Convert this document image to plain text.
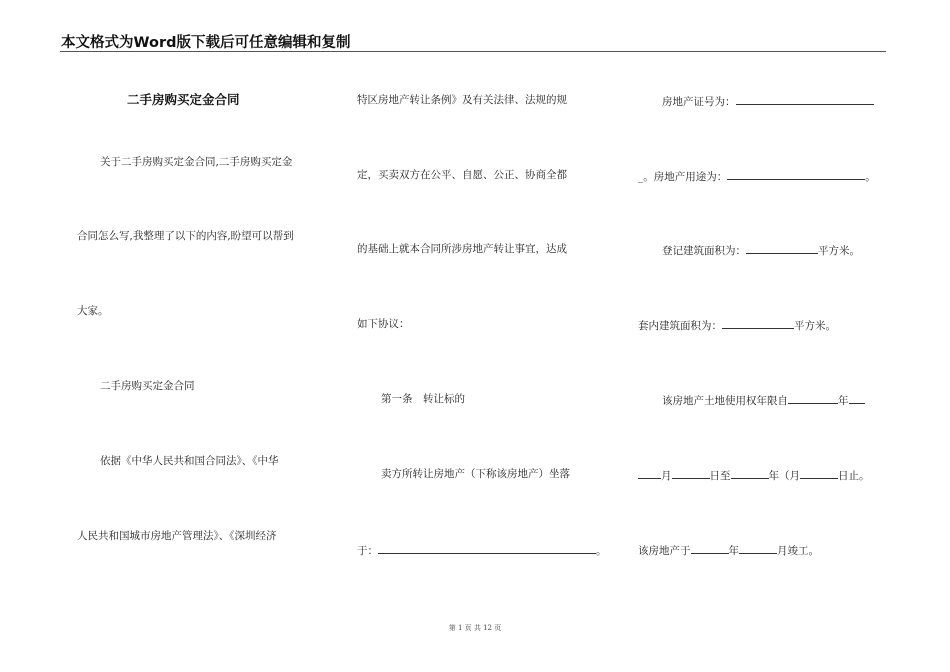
本文格式为Word版下载后可任意编辑和复制
二手房购买定金合同
关于二手房购买定金合同,二手房购买定金
合同怎么写,我整理了以下的内容,盼望可以帮到
大家。
二手房购买定金合同
依据《中华人民共和国合同法》、《中华
人民共和国城市房地产管理法》、《深圳经济
特区房地产转让条例》及有关法律、法规的规
定，买卖双方在公平、自愿、公正、协商全都
的基础上就本合同所涉房地产转让事宜，达成
如下协议：
第一条　转让标的
卖方所转让房地产（下称该房地产）坐落
于：	。
房地产证号为：
_。房地产用途为：	。
登记建筑面积为：	平方米。
套内建筑面积为：	平方米。
该房地产土地使用权年限自	年
月	日至	年（月	日止。
该房地产于	年	月竣工。
第 1 页 共 12 页
